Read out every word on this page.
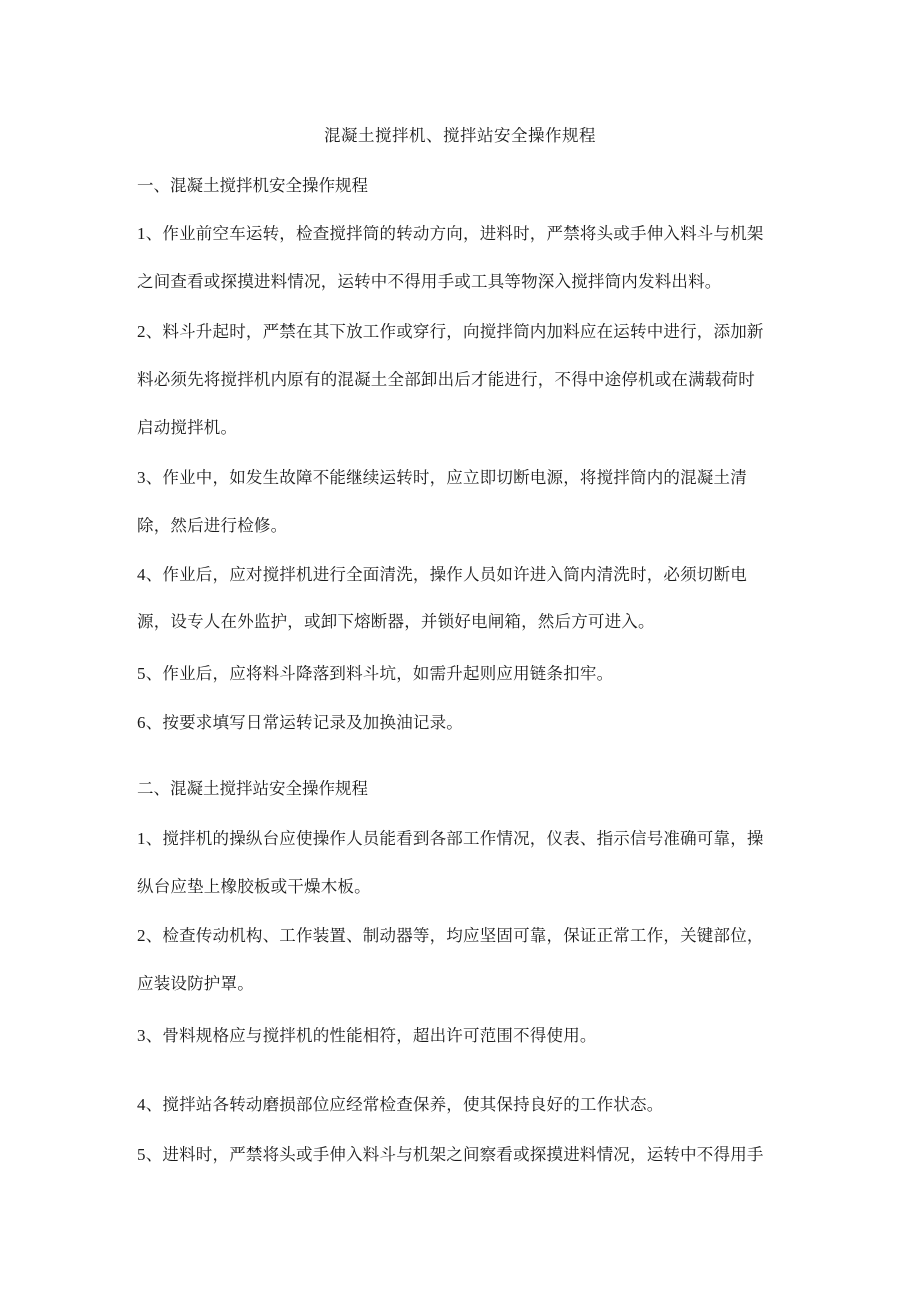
混凝土搅拌机、搅拌站安全操作规程
一、混凝土搅拌机安全操作规程
1、作业前空车运转，检查搅拌筒的转动方向，进料时，严禁将头或手伸入料斗与机架
之间查看或探摸进料情况，运转中不得用手或工具等物深入搅拌筒内发料出料。
2、料斗升起时，严禁在其下放工作或穿行，向搅拌筒内加料应在运转中进行，添加新
料必须先将搅拌机内原有的混凝土全部卸出后才能进行，不得中途停机或在满载荷时
启动搅拌机。
3、作业中，如发生故障不能继续运转时，应立即切断电源，将搅拌筒内的混凝土清
除，然后进行检修。
4、作业后，应对搅拌机进行全面清洗，操作人员如许进入筒内清洗时，必须切断电
源，设专人在外监护，或卸下熔断器，并锁好电闸箱，然后方可进入。
5、作业后，应将料斗降落到料斗坑，如需升起则应用链条扣牢。
6、按要求填写日常运转记录及加换油记录。
二、混凝土搅拌站安全操作规程
1、搅拌机的操纵台应使操作人员能看到各部工作情况，仪表、指示信号准确可靠，操
纵台应垫上橡胶板或干燥木板。
2、检查传动机构、工作装置、制动器等，均应坚固可靠，保证正常工作，关键部位，
应装设防护罩。
3、骨料规格应与搅拌机的性能相符，超出许可范围不得使用。
4、搅拌站各转动磨损部位应经常检查保养，使其保持良好的工作状态。
5、进料时，严禁将头或手伸入料斗与机架之间察看或探摸进料情况，运转中不得用手
